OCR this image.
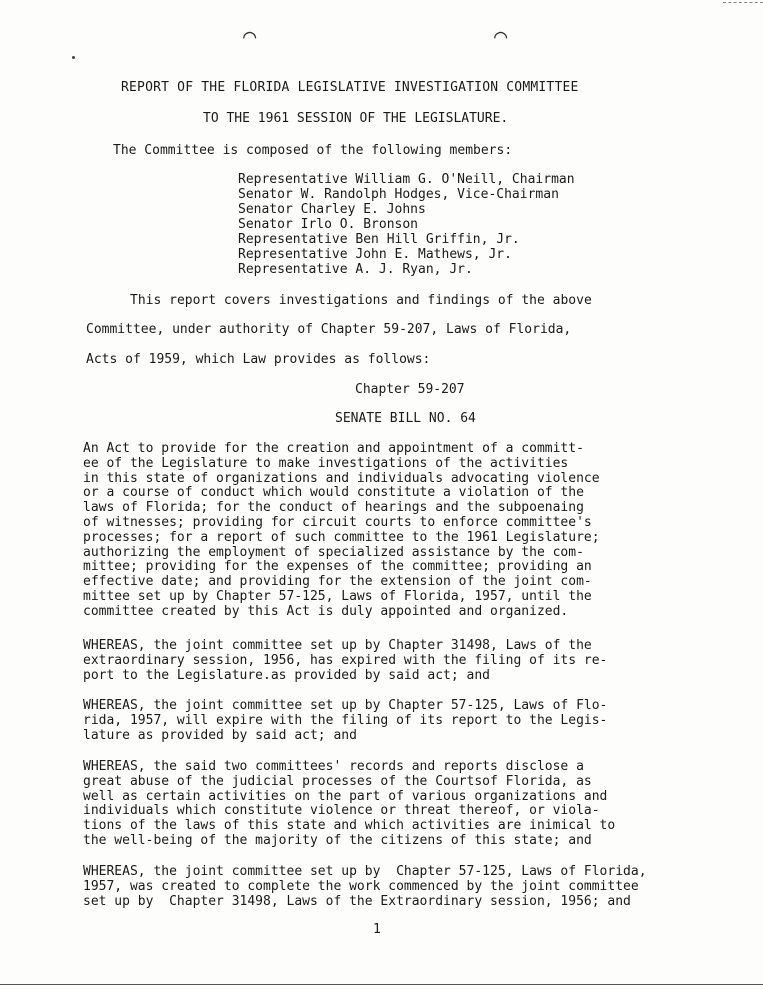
⌒	⌒
REPORT OF THE FLORIDA LEGISLATIVE INVESTIGATION COMMITTEE
TO THE 1961 SESSION OF THE LEGISLATURE.
The Committee is composed of the following members:
Representative William G. O'Neill, Chairman
Senator W. Randolph Hodges, Vice-Chairman
Senator Charley E. Johns
Senator Irlo O. Bronson
Representative Ben Hill Griffin, Jr.
Representative John E. Mathews, Jr.
Representative A. J. Ryan, Jr.
This report covers investigations and findings of the above
Committee, under authority of Chapter 59-207, Laws of Florida,
Acts of 1959, which Law provides as follows:
Chapter 59-207
SENATE BILL NO. 64
An Act to provide for the creation and appointment of a committ-
ee of the Legislature to make investigations of the activities
in this state of organizations and individuals advocating violence
or a course of conduct which would constitute a violation of the
laws of Florida; for the conduct of hearings and the subpoenaing
of witnesses; providing for circuit courts to enforce committee's
processes; for a report of such committee to the 1961 Legislature;
authorizing the employment of specialized assistance by the com-
mittee; providing for the expenses of the committee; providing an
effective date; and providing for the extension of the joint com-
mittee set up by Chapter 57-125, Laws of Florida, 1957, until the
committee created by this Act is duly appointed and organized.
WHEREAS, the joint committee set up by Chapter 31498, Laws of the
extraordinary session, 1956, has expired with the filing of its re-
port to the Legislature.as provided by said act; and
WHEREAS, the joint committee set up by Chapter 57-125, Laws of Flo-
rida, 1957, will expire with the filing of its report to the Legis-
lature as provided by said act; and
WHEREAS, the said two committees' records and reports disclose a
great abuse of the judicial processes of the Courtsof Florida, as
well as certain activities on the part of various organizations and
individuals which constitute violence or threat thereof, or viola-
tions of the laws of this state and which activities are inimical to
the well-being of the majority of the citizens of this state; and
WHEREAS, the joint committee set up by  Chapter 57-125, Laws of Florida,
1957, was created to complete the work commenced by the joint committee
set up by  Chapter 31498, Laws of the Extraordinary session, 1956; and
1
